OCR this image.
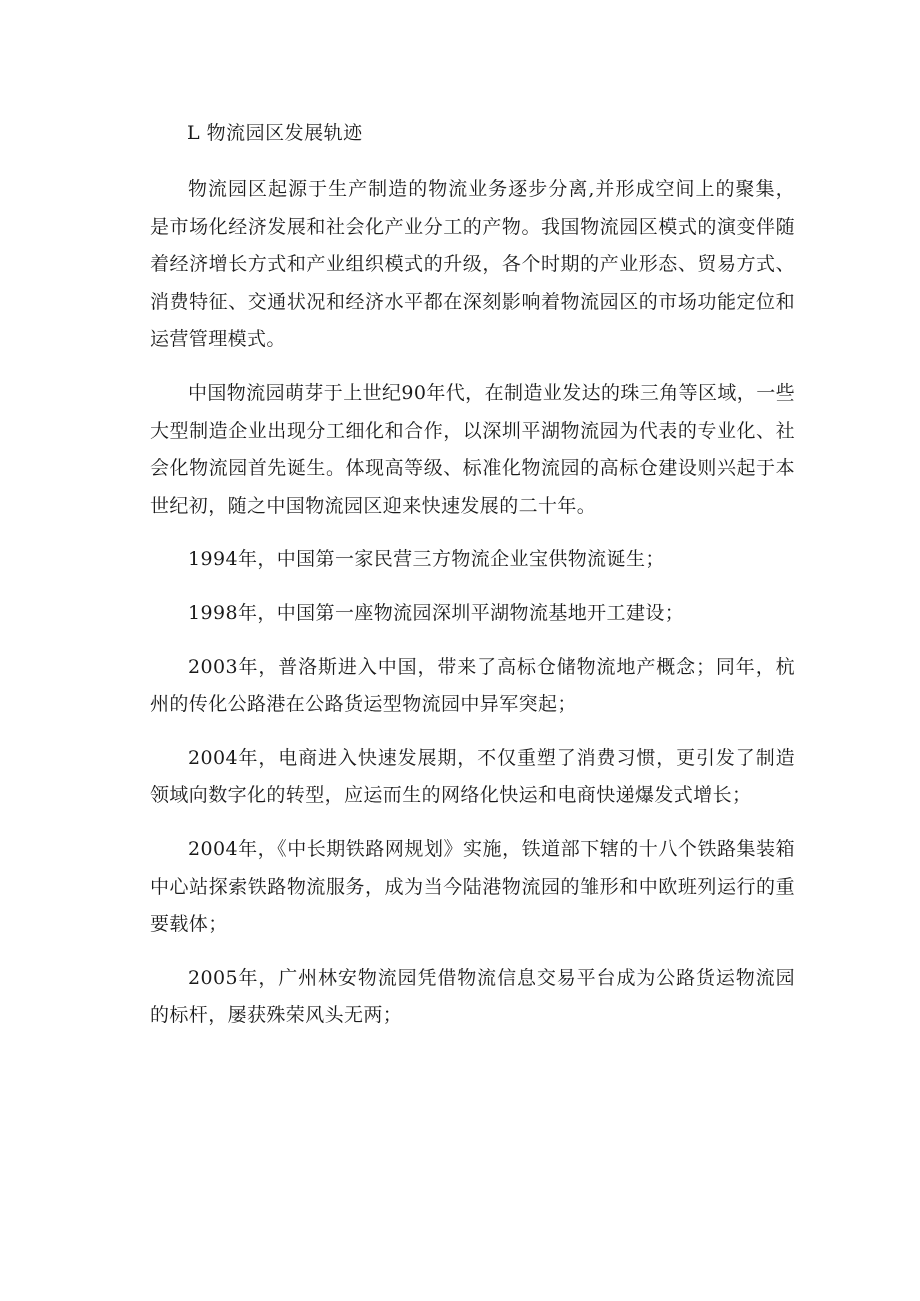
L 物流园区发展轨迹

物流园区起源于生产制造的物流业务逐步分离,并形成空间上的聚集，是市场化经济发展和社会化产业分工的产物。我国物流园区模式的演变伴随着经济增长方式和产业组织模式的升级，各个时期的产业形态、贸易方式、消费特征、交通状况和经济水平都在深刻影响着物流园区的市场功能定位和运营管理模式。

中国物流园萌芽于上世纪90年代，在制造业发达的珠三角等区域，一些大型制造企业出现分工细化和合作，以深圳平湖物流园为代表的专业化、社会化物流园首先诞生。体现高等级、标准化物流园的高标仓建设则兴起于本世纪初，随之中国物流园区迎来快速发展的二十年。

1994年，中国第一家民营三方物流企业宝供物流诞生；

1998年，中国第一座物流园深圳平湖物流基地开工建设；

2003年，普洛斯进入中国，带来了高标仓储物流地产概念；同年，杭州的传化公路港在公路货运型物流园中异军突起；

2004年，电商进入快速发展期，不仅重塑了消费习惯，更引发了制造领域向数字化的转型，应运而生的网络化快运和电商快递爆发式增长；

2004年，《中长期铁路网规划》实施，铁道部下辖的十八个铁路集装箱中心站探索铁路物流服务，成为当今陆港物流园的雏形和中欧班列运行的重要载体；

2005年，广州林安物流园凭借物流信息交易平台成为公路货运物流园的标杆，屡获殊荣风头无两；
